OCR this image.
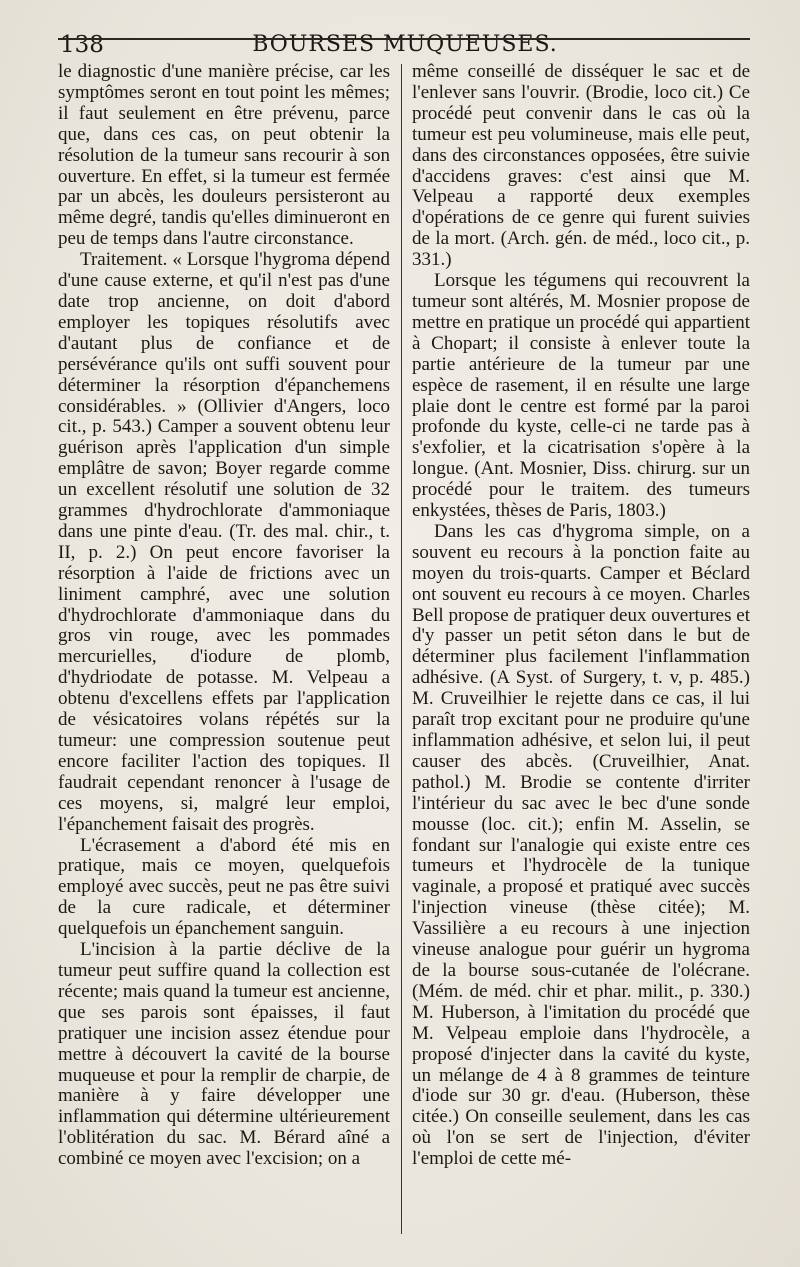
138	BOURSES MUQUEUSES.

le diagnostic d'une manière précise, car les symptômes seront en tout point les mêmes; il faut seulement en être prévenu, parce que, dans ces cas, on peut obtenir la résolution de la tumeur sans recourir à son ouverture. En effet, si la tumeur est fermée par un abcès, les douleurs persisteront au même degré, tandis qu'elles diminueront en peu de temps dans l'autre circonstance.

Traitement. « Lorsque l'hygroma dépend d'une cause externe, et qu'il n'est pas d'une date trop ancienne, on doit d'abord employer les topiques résolutifs avec d'autant plus de confiance et de persévérance qu'ils ont suffi souvent pour déterminer la résorption d'épanchemens considérables. » (Ollivier d'Angers, loco cit., p. 543.) Camper a souvent obtenu leur guérison après l'application d'un simple emplâtre de savon; Boyer regarde comme un excellent résolutif une solution de 32 grammes d'hydrochlorate d'ammoniaque dans une pinte d'eau. (Tr. des mal. chir., t. II, p. 2.) On peut encore favoriser la résorption à l'aide de frictions avec un liniment camphré, avec une solution d'hydrochlorate d'ammoniaque dans du gros vin rouge, avec les pommades mercurielles, d'iodure de plomb, d'hydriodate de potasse. M. Velpeau a obtenu d'excellens effets par l'application de vésicatoires volans répétés sur la tumeur: une compression soutenue peut encore faciliter l'action des topiques. Il faudrait cependant renoncer à l'usage de ces moyens, si, malgré leur emploi, l'épanchement faisait des progrès.

L'écrasement a d'abord été mis en pratique, mais ce moyen, quelquefois employé avec succès, peut ne pas être suivi de la cure radicale, et déterminer quelquefois un épanchement sanguin.

L'incision à la partie déclive de la tumeur peut suffire quand la collection est récente; mais quand la tumeur est ancienne, que ses parois sont épaisses, il faut pratiquer une incision assez étendue pour mettre à découvert la cavité de la bourse muqueuse et pour la remplir de charpie, de manière à y faire développer une inflammation qui détermine ultérieurement l'oblitération du sac. M. Bérard aîné a combiné ce moyen avec l'excision; on a

même conseillé de disséquer le sac et de l'enlever sans l'ouvrir. (Brodie, loco cit.) Ce procédé peut convenir dans le cas où la tumeur est peu volumineuse, mais elle peut, dans des circonstances opposées, être suivie d'accidens graves: c'est ainsi que M. Velpeau a rapporté deux exemples d'opérations de ce genre qui furent suivies de la mort. (Arch. gén. de méd., loco cit., p. 331.)

Lorsque les tégumens qui recouvrent la tumeur sont altérés, M. Mosnier propose de mettre en pratique un procédé qui appartient à Chopart; il consiste à enlever toute la partie antérieure de la tumeur par une espèce de rasement, il en résulte une large plaie dont le centre est formé par la paroi profonde du kyste, celle-ci ne tarde pas à s'exfolier, et la cicatrisation s'opère à la longue. (Ant. Mosnier, Diss. chirurg. sur un procédé pour le traitem. des tumeurs enkystées, thèses de Paris, 1803.)

Dans les cas d'hygroma simple, on a souvent eu recours à la ponction faite au moyen du trois-quarts. Camper et Béclard ont souvent eu recours à ce moyen. Charles Bell propose de pratiquer deux ouvertures et d'y passer un petit séton dans le but de déterminer plus facilement l'inflammation adhésive. (A Syst. of Surgery, t. v, p. 485.) M. Cruveilhier le rejette dans ce cas, il lui paraît trop excitant pour ne produire qu'une inflammation adhésive, et selon lui, il peut causer des abcès. (Cruveilhier, Anat. pathol.) M. Brodie se contente d'irriter l'intérieur du sac avec le bec d'une sonde mousse (loc. cit.); enfin M. Asselin, se fondant sur l'analogie qui existe entre ces tumeurs et l'hydrocèle de la tunique vaginale, a proposé et pratiqué avec succès l'injection vineuse (thèse citée); M. Vassilière a eu recours à une injection vineuse analogue pour guérir un hygroma de la bourse sous-cutanée de l'olécrane. (Mém. de méd. chir et phar. milit., p. 330.) M. Huberson, à l'imitation du procédé que M. Velpeau emploie dans l'hydrocèle, a proposé d'injecter dans la cavité du kyste, un mélange de 4 à 8 grammes de teinture d'iode sur 30 gr. d'eau. (Huberson, thèse citée.) On conseille seulement, dans les cas où l'on se sert de l'injection, d'éviter l'emploi de cette mé-
